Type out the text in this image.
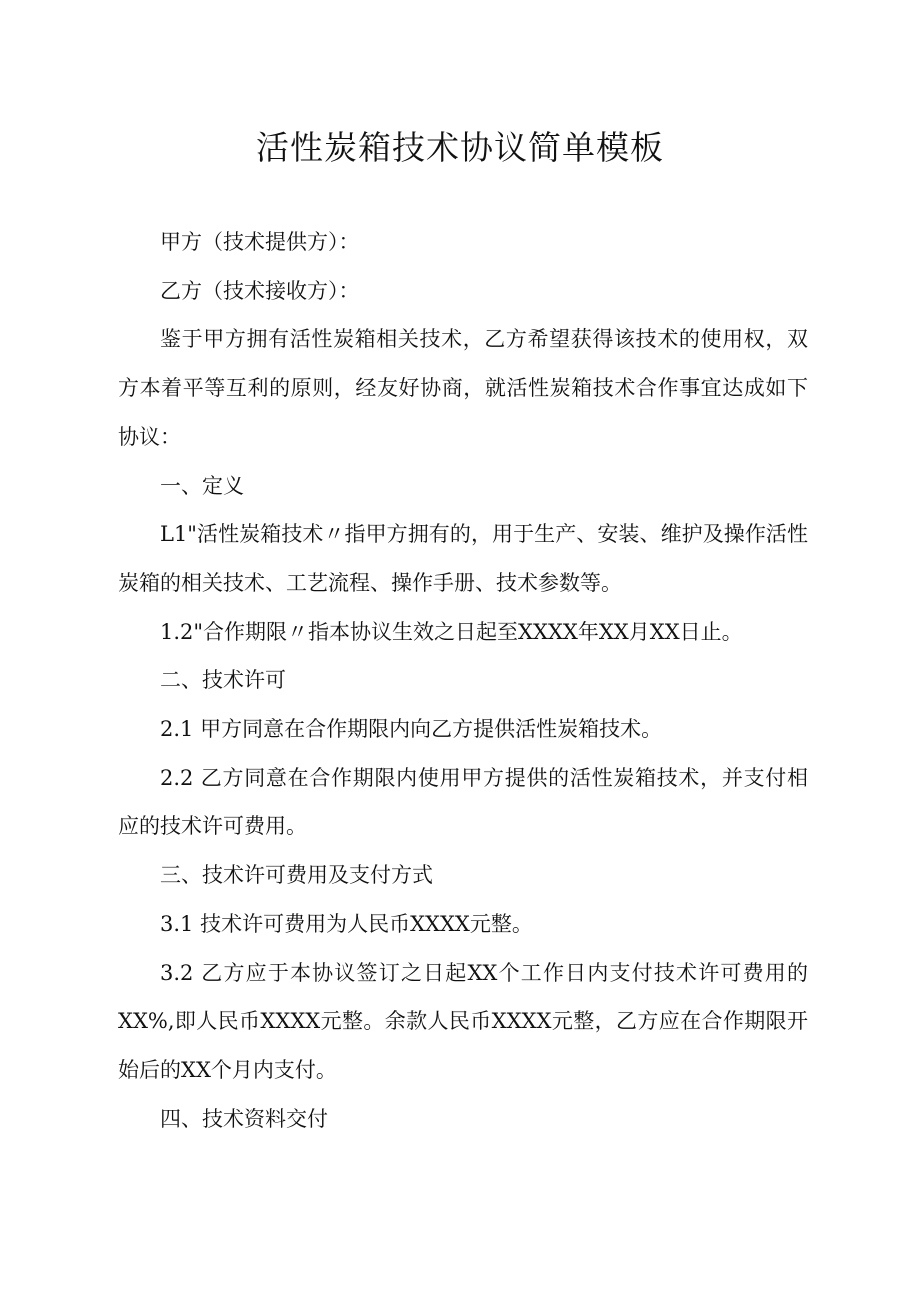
活性炭箱技术协议简单模板

甲方（技术提供方）：

乙方（技术接收方）：

鉴于甲方拥有活性炭箱相关技术，乙方希望获得该技术的使用权，双方本着平等互利的原则，经友好协商，就活性炭箱技术合作事宜达成如下协议：

一、定义

L1"活性炭箱技术〃指甲方拥有的，用于生产、安装、维护及操作活性炭箱的相关技术、工艺流程、操作手册、技术参数等。

1.2"合作期限〃指本协议生效之日起至XXXX年XX月XX日止。

二、技术许可

2.1 甲方同意在合作期限内向乙方提供活性炭箱技术。

2.2 乙方同意在合作期限内使用甲方提供的活性炭箱技术，并支付相应的技术许可费用。

三、技术许可费用及支付方式

3.1 技术许可费用为人民币XXXX元整。

3.2 乙方应于本协议签订之日起XX个工作日内支付技术许可费用的XX%,即人民币XXXX元整。余款人民币XXXX元整，乙方应在合作期限开始后的XX个月内支付。

四、技术资料交付
